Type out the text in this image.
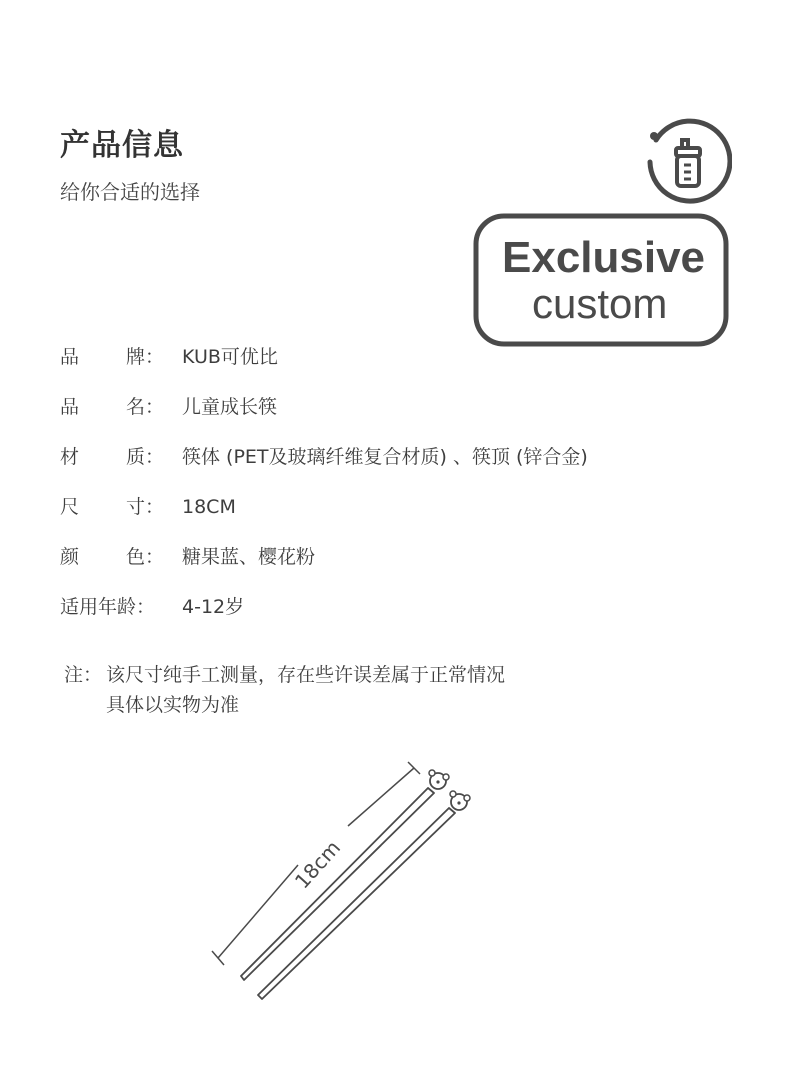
产品信息
给你合适的选择
Exclusive
custom
品 牌： KUB可优比
品 名： 儿童成长筷
材 质： 筷体 (PET及玻璃纤维复合材质) 、筷顶 (锌合金)
尺 寸： 18CM
颜 色： 糖果蓝、樱花粉
适用年龄： 4-12岁
注： 该尺寸纯手工测量，存在些许误差属于正常情况
具体以实物为准
18cm
